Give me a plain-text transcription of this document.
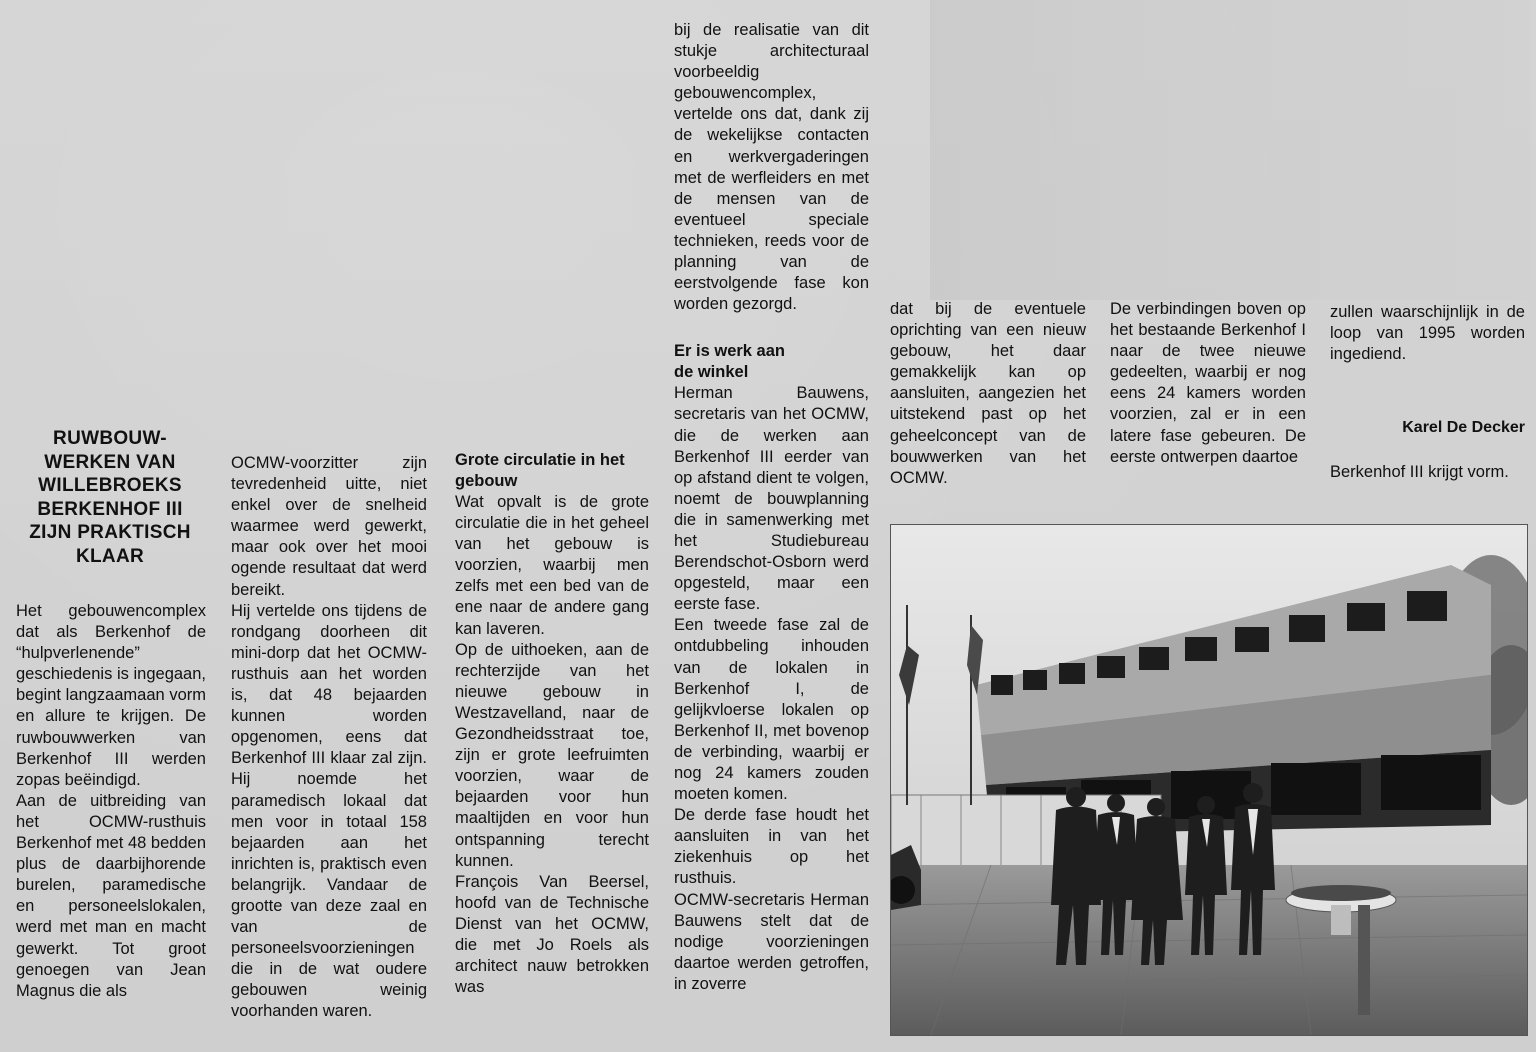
RUWBOUW-
WERKEN VAN
WILLEBROEKS
BERKENHOF III
ZIJN PRAKTISCH
KLAAR

Het gebouwencomplex dat als Berkenhof de “hulpverlenende” geschiedenis is ingegaan, begint langzaamaan vorm en allure te krijgen. De ruwbouwwerken van Berkenhof III werden zopas beëindigd.

Aan de uitbreiding van het OCMW-rusthuis Berkenhof met 48 bedden plus de daarbijhorende burelen, paramedische en personeelslokalen, werd met man en macht gewerkt. Tot groot genoegen van Jean Magnus die als

OCMW-voorzitter zijn tevredenheid uitte, niet enkel over de snelheid waarmee werd gewerkt, maar ook over het mooi ogende resultaat dat werd bereikt.

Hij vertelde ons tijdens de rondgang doorheen dit mini-dorp dat het OCMW-rusthuis aan het worden is, dat 48 bejaarden kunnen worden opgenomen, eens dat Berkenhof III klaar zal zijn. Hij noemde het paramedisch lokaal dat men voor in totaal 158 bejaarden aan het inrichten is, praktisch even belangrijk. Vandaar de grootte van deze zaal en van de personeelsvoorzieningen die in de wat oudere gebouwen weinig voorhanden waren.

Grote circulatie in het gebouw

Wat opvalt is de grote circulatie die in het geheel van het gebouw is voorzien, waarbij men zelfs met een bed van de ene naar de andere gang kan laveren.

Op de uithoeken, aan de rechterzijde van het nieuwe gebouw in Westzavelland, naar de Gezondheidsstraat toe, zijn er grote leefruimten voorzien, waar de bejaarden voor hun maaltijden en voor hun ontspanning terecht kunnen.

François Van Beersel, hoofd van de Technische Dienst van het OCMW, die met Jo Roels als architect nauw betrokken was

bij de realisatie van dit stukje architecturaal voorbeeldig gebouwencomplex, vertelde ons dat, dank zij de wekelijkse contacten en werkvergaderingen met de werfleiders en met de mensen van de eventueel speciale technieken, reeds voor de planning van de eerstvolgende fase kon worden gezorgd.

Er is werk aan de winkel

Herman Bauwens, secretaris van het OCMW, die de werken aan Berkenhof III eerder van op afstand dient te volgen, noemt de bouwplanning die in samenwerking met het Studiebureau Berendschot-Osborn werd opgesteld, maar een eerste fase.

Een tweede fase zal de ontdubbeling inhouden van de lokalen in Berkenhof I, de gelijkvloerse lokalen op Berkenhof II, met bovenop de verbinding, waarbij er nog 24 kamers zouden moeten komen.

De derde fase houdt het aansluiten in van het ziekenhuis op het rusthuis.

OCMW-secretaris Herman Bauwens stelt dat de nodige voorzieningen daartoe werden getroffen, in zoverre

dat bij de eventuele oprichting van een nieuw gebouw, het daar gemakkelijk kan op aansluiten, aangezien het uitstekend past op het geheelconcept van de bouwwerken van het OCMW.

De verbindingen boven op het bestaande Berkenhof I naar de twee nieuwe gedeelten, waarbij er nog eens 24 kamers worden voorzien, zal er in een latere fase gebeuren. De eerste ontwerpen daartoe

zullen waarschijnlijk in de loop van 1995 worden ingediend.

Karel De Decker
Berkenhof III krijgt vorm.
